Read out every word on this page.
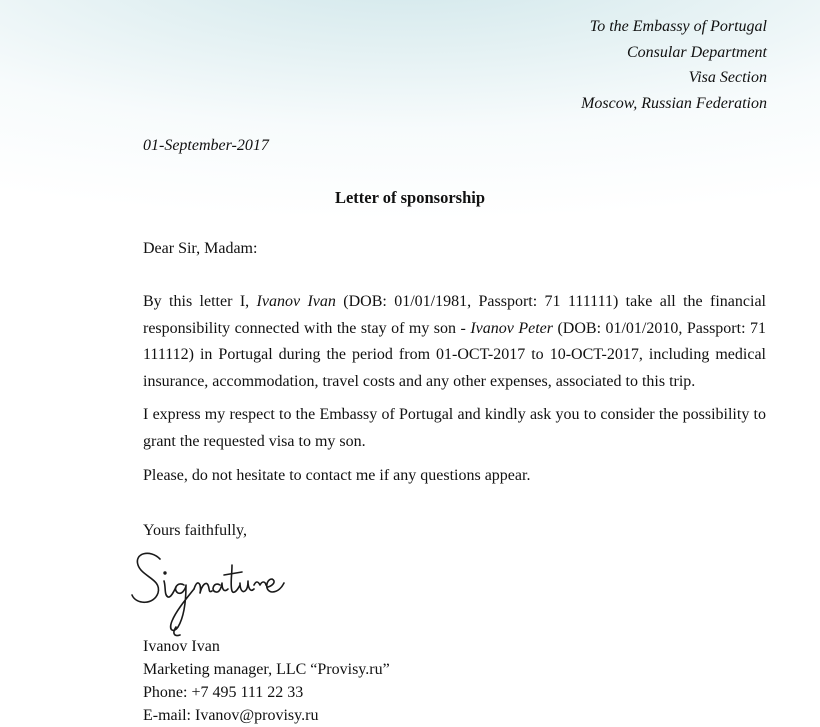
To the Embassy of Portugal
Consular Department
Visa Section
Moscow, Russian Federation
01-September-2017
Letter of sponsorship
Dear Sir, Madam:
By this letter I, Ivanov Ivan (DOB: 01/01/1981, Passport: 71 111111) take all the financial responsibility connected with the stay of my son - Ivanov Peter (DOB: 01/01/2010, Passport: 71 111112) in Portugal during the period from 01-OCT-2017 to 10-OCT-2017, including medical insurance, accommodation, travel costs and any other expenses, associated to this trip.
I express my respect to the Embassy of Portugal and kindly ask you to consider the possibility to grant the requested visa to my son.
Please, do not hesitate to contact me if any questions appear.
Yours faithfully,
Ivanov Ivan
Marketing manager, LLC “Provisy.ru”
Phone: +7 495 111 22 33
E-mail: Ivanov@provisy.ru
